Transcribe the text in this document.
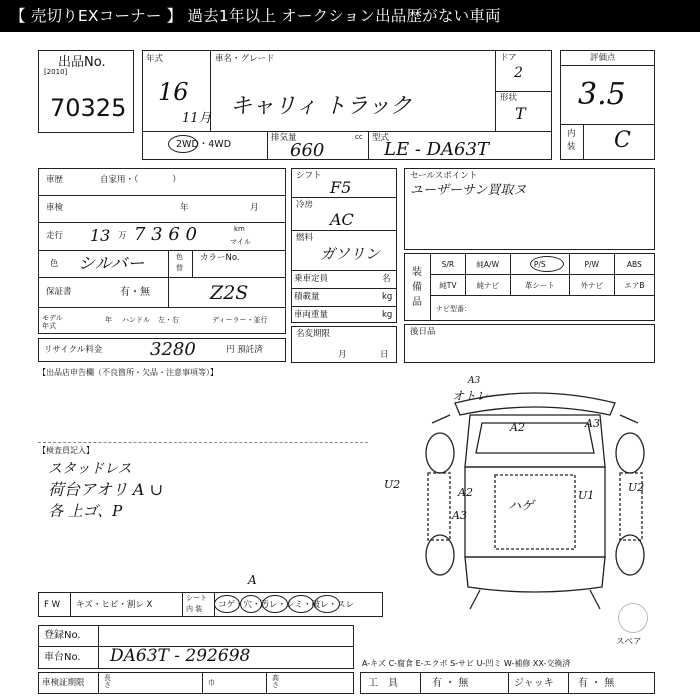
【 売切りEXコーナー 】 過去1年以上 オークション出品歴がない車両
出品No.
[2010]
70325
年式
16
11月
車名・グレード
キャリィ トラック
ドア
2
形状
T
2WD・4WD
排気量	cc
660
型式
LE - DA63T
評価点
3.5
内装 C
車歴	自家用・（　　　　）
車検	年	月
走行 13 万 7 3 6 0	km
マイル
色 シルバー	色
替
カラーNo.
Z2S
保証書	有・無
モデル年式
年 ハンドル 左・右	ディーラー・並行
リサイクル料金	3280	円 預託済
シフト
F5
冷房
AC
燃料
ガソリン
乗車定員	名
積載量	kg
車両重量	kg
名変期限
月	日
セールスポイント
ユーザーサン買取ヌ
装
備
品
S/R	純A/W	P/S	P/W	ABS
純TV	純ナビ	革シート	外ナビ	エアB
ナビ型番：
後日品
【出品店申告欄（不良箇所・欠品・注意事項等）】
【検査員記入】
スタッドレス
荷台アオリ A ∪
各 上ゴ、P
A3
オトレ
A2	A3
U2	U2
A2
A3
ハゲ
U1
スペア
F W キズ・ヒビ・割レ X
シート
内 装 コゲ・穴・汚レ・シミ・破レ・スレ
A
登録No.
車台No. DA63T - 292698
車検証期限	長さ	巾
高さ
A-キズ C-腐食 E-エクボ S-サビ U-凹ミ W-補修 XX-交換済
工　具	有 ・ 無	ジャッキ 有 ・ 無
